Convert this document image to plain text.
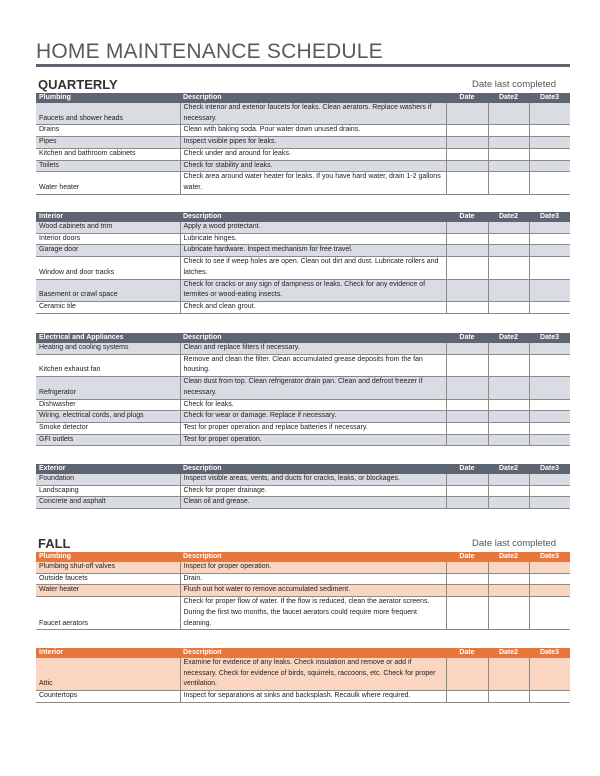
HOME MAINTENANCE SCHEDULE
QUARTERLY	Date last completed
Plumbing	Description	Date	Date2	Date3
Faucets and shower heads	Check interior and exterior faucets for leaks. Clean aerators. Replace washers if necessary.			
Drains	Clean with baking soda. Pour water down unused drains.			
Pipes	Inspect visible pipes for leaks.			
Kitchen and bathroom cabinets	Check under and around for leaks.			
Toilets	Check for stability and leaks.			
Water heater	Check area around water heater for leaks. If you have hard water, drain 1-2 gallons water.			
Interior	Description	Date	Date2	Date3
Wood cabinets and trim	Apply a wood protectant.			
Interior doors	Lubricate hinges.			
Garage door	Lubricate hardware. Inspect mechanism for free travel.			
Window and door tracks	Check to see if weep holes are open. Clean out dirt and dust. Lubricate rollers and latches.			
Basement or crawl space	Check for cracks or any sign of dampness or leaks. Check for any evidence of termites or wood-eating insects.			
Ceramic tile	Check and clean grout.			
Electrical and Appliances	Description	Date	Date2	Date3
Heating and cooling systems	Clean and replace filters if necessary.			
Kitchen exhaust fan	Remove and clean the filter. Clean accumulated grease deposits from the fan housing.			
Refrigerator	Clean dust from top. Clean refrigerator drain pan. Clean and defrost freezer if necessary.			
Dishwasher	Check for leaks.			
Wiring, electrical cords, and plugs	Check for wear or damage. Replace if necessary.			
Smoke detector	Test for proper operation and replace batteries if necessary.			
GFI outlets	Test for proper operation.			
Exterior	Description	Date	Date2	Date3
Foundation	Inspect visible areas, vents, and ducts for cracks, leaks, or blockages.			
Landscaping	Check for proper drainage.			
Concrete and asphalt	Clean oil and grease.			
FALL	Date last completed
Plumbing	Description	Date	Date2	Date3
Plumbing shut-off valves	Inspect for proper operation.			
Outside faucets	Drain.			
Water heater	Flush out hot water to remove accumulated sediment.			
Faucet aerators	Check for proper flow of water. If the flow is reduced, clean the aerator screens. During the first two months, the faucet aerators could require more frequent cleaning.			
Interior	Description	Date	Date2	Date3
Attic	Examine for evidence of any leaks. Check insulation and remove or add if necessary. Check for evidence of birds, squirrels, raccoons, etc. Check for proper ventilation.			
Countertops	Inspect for separations at sinks and backsplash. Recaulk where required.			
